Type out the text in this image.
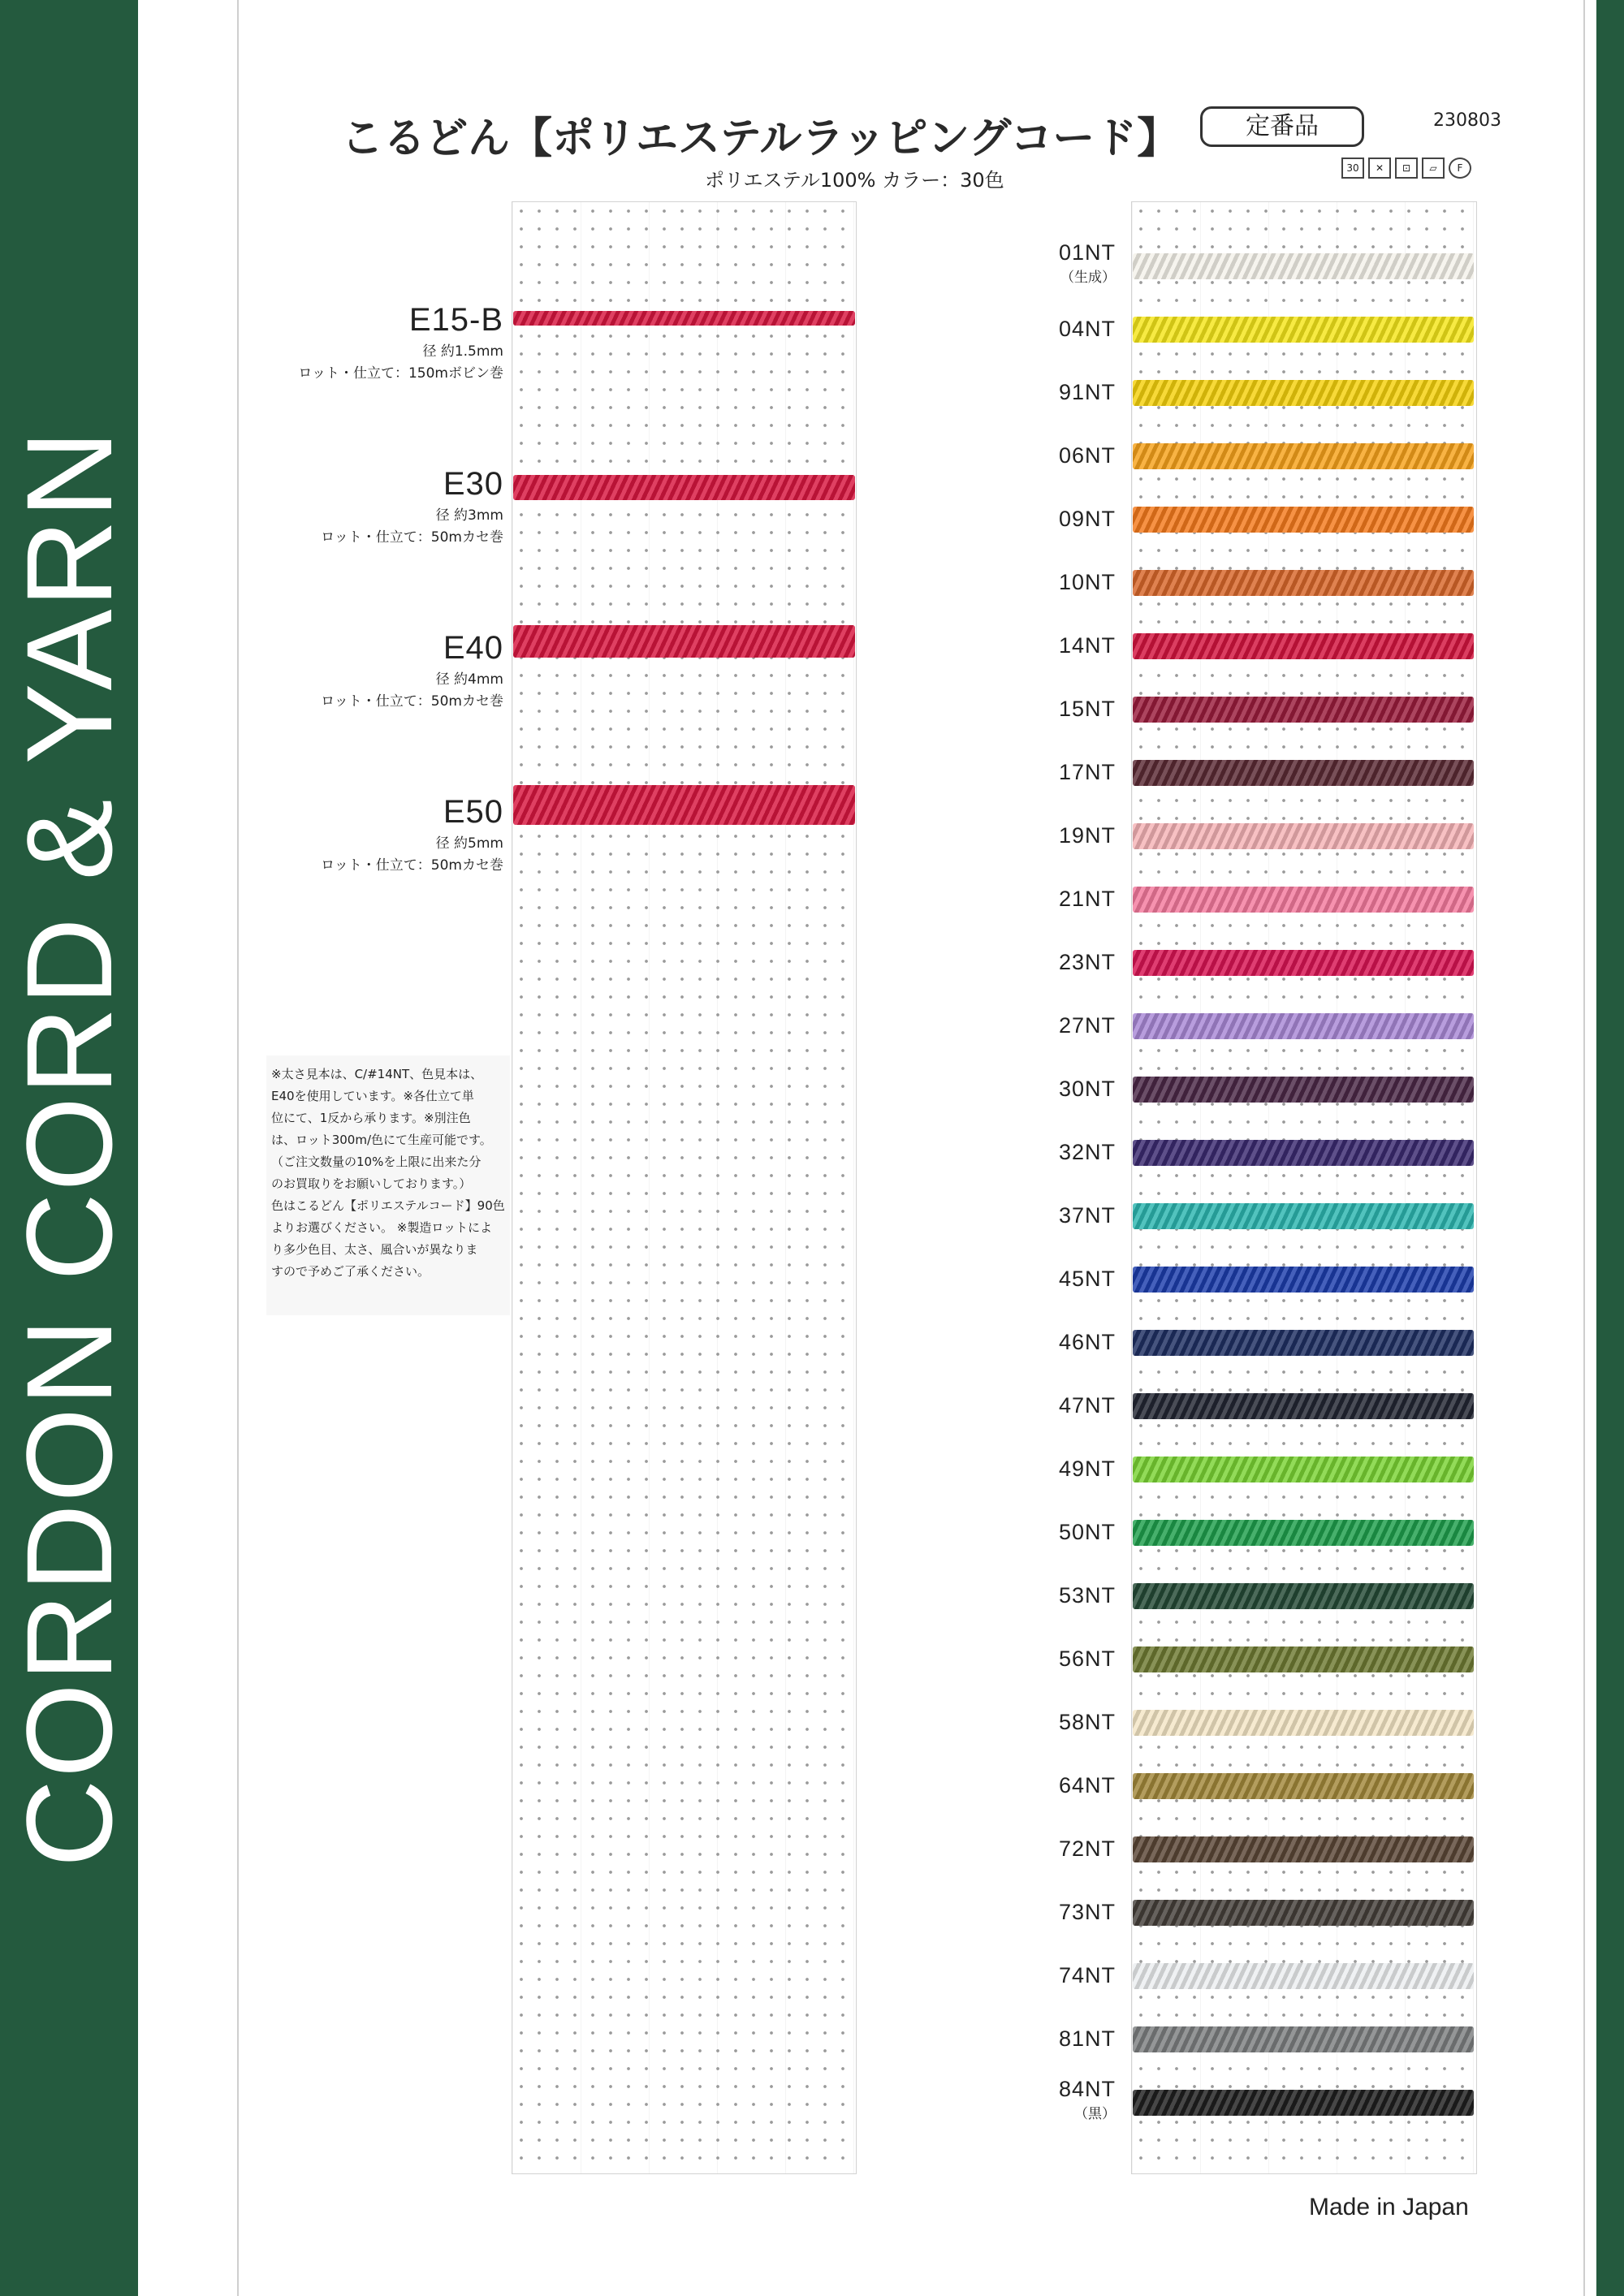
CORDON CORD & YARN
こるどん【ポリエステルラッピングコード】	定番品	230803
ポリエステル100% カラー：30色
30	✕	⊡	▱	F
E15-B
径 約1.5mm
ロット・仕立て：150mボビン巻
E30
径 約3mm
ロット・仕立て：50mカセ巻
E40
径 約4mm
ロット・仕立て：50mカセ巻
E50
径 約5mm
ロット・仕立て：50mカセ巻
01NT
（生成）
04NT
91NT
06NT
09NT
10NT
14NT
15NT
17NT
19NT
21NT
23NT
27NT
30NT
32NT
37NT
45NT
46NT
47NT
49NT
50NT
53NT
56NT
58NT
64NT
72NT
73NT
74NT
81NT
84NT
（黒）

※太さ見本は、C/#14NT、色見本は、

E40を使用しています。※各仕立て単

位にて、1反から承ります。※別注色

は、ロット300m/色にて生産可能です。

（ご注文数量の10%を上限に出来た分

のお買取りをお願いしております。）

色はこるどん【ポリエステルコード】90色

よりお選びください。 ※製造ロットによ

り多少色目、太さ、風合いが異なりま

すので予めご了承ください。

Made in Japan
